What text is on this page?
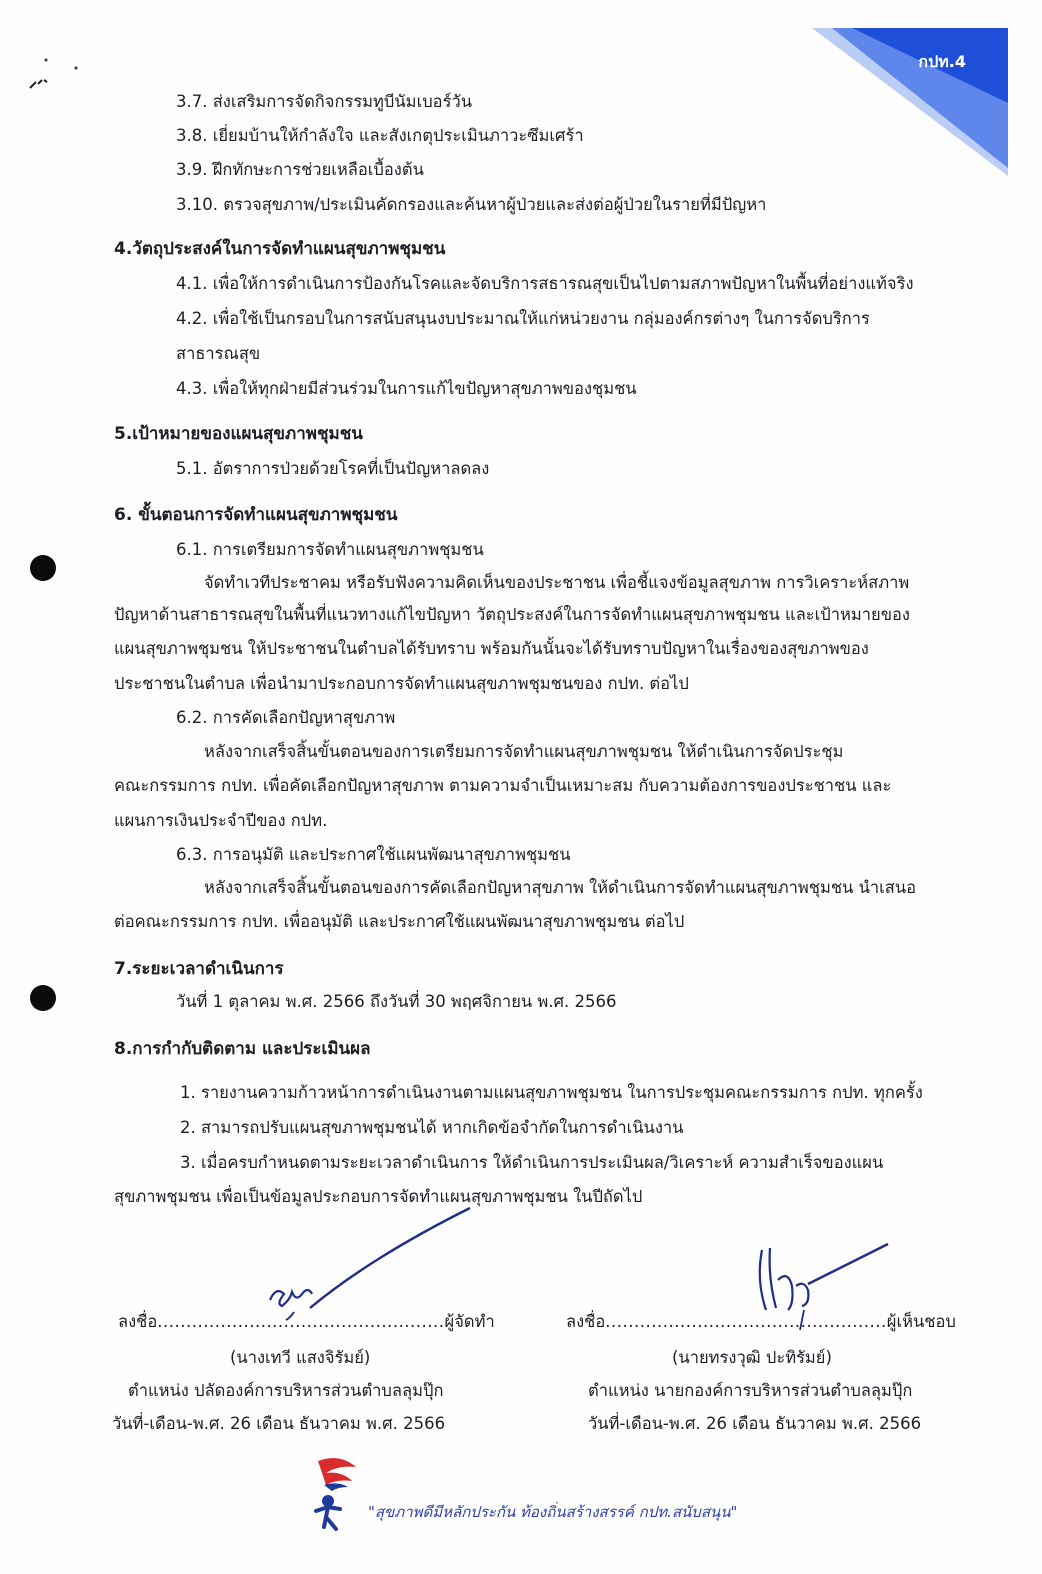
กปท.4
3.7. ส่งเสริมการจัดกิจกรรมทูบีนัมเบอร์วัน
3.8. เยี่ยมบ้านให้กำลังใจ และสังเกตุประเมินภาวะซึมเศร้า
3.9. ฝึกทักษะการช่วยเหลือเบื้องต้น
3.10. ตรวจสุขภาพ/ประเมินคัดกรองและค้นหาผู้ป่วยและส่งต่อผู้ป่วยในรายที่มีปัญหา
4.วัตถุประสงค์ในการจัดทำแผนสุขภาพชุมชน
4.1. เพื่อให้การดำเนินการป้องกันโรคและจัดบริการสธารณสุขเป็นไปตามสภาพปัญหาในพื้นที่อย่างแท้จริง
4.2. เพื่อใช้เป็นกรอบในการสนับสนุนงบประมาณให้แก่หน่วยงาน กลุ่มองค์กรต่างๆ ในการจัดบริการ
สาธารณสุข
4.3. เพื่อให้ทุกฝ่ายมีส่วนร่วมในการแก้ไขปัญหาสุขภาพของชุมชน
5.เป้าหมายของแผนสุขภาพชุมชน
5.1. อัตราการป่วยด้วยโรคที่เป็นปัญหาลดลง
6. ขั้นตอนการจัดทำแผนสุขภาพชุมชน
6.1. การเตรียมการจัดทำแผนสุขภาพชุมชน
จัดทำเวทีประชาคม หรือรับฟังความคิดเห็นของประชาชน เพื่อชี้แจงข้อมูลสุขภาพ การวิเคราะห์สภาพ
ปัญหาด้านสาธารณสุขในพื้นที่แนวทางแก้ไขปัญหา วัตถุประสงค์ในการจัดทำแผนสุขภาพชุมชน และเป้าหมายของ
แผนสุขภาพชุมชน ให้ประชาชนในตำบลได้รับทราบ พร้อมกันนั้นจะได้รับทราบปัญหาในเรื่องของสุขภาพของ
ประชาชนในตำบล เพื่อนำมาประกอบการจัดทำแผนสุขภาพชุมชนของ กปท. ต่อไป
6.2. การคัดเลือกปัญหาสุขภาพ
หลังจากเสร็จสิ้นขั้นตอนของการเตรียมการจัดทำแผนสุขภาพชุมชน ให้ดำเนินการจัดประชุม
คณะกรรมการ กปท. เพื่อคัดเลือกปัญหาสุขภาพ ตามความจำเป็นเหมาะสม กับความต้องการของประชาชน และ
แผนการเงินประจำปีของ กปท.
6.3. การอนุมัติ และประกาศใช้แผนพัฒนาสุขภาพชุมชน
หลังจากเสร็จสิ้นขั้นตอนของการคัดเลือกปัญหาสุขภาพ ให้ดำเนินการจัดทำแผนสุขภาพชุมชน นำเสนอ
ต่อคณะกรรมการ กปท. เพื่ออนุมัติ และประกาศใช้แผนพัฒนาสุขภาพชุมชน ต่อไป
7.ระยะเวลาดำเนินการ
วันที่ 1 ตุลาคม พ.ศ. 2566 ถึงวันที่ 30 พฤศจิกายน พ.ศ. 2566
8.การกำกับติดตาม และประเมินผล
1. รายงานความก้าวหน้าการดำเนินงานตามแผนสุขภาพชุมชน ในการประชุมคณะกรรมการ กปท. ทุกครั้ง
2. สามารถปรับแผนสุขภาพชุมชนได้ หากเกิดข้อจำกัดในการดำเนินงาน
3. เมื่อครบกำหนดตามระยะเวลาดำเนินการ ให้ดำเนินการประเมินผล/วิเคราะห์ ความสำเร็จของแผน
สุขภาพชุมชน เพื่อเป็นข้อมูลประกอบการจัดทำแผนสุขภาพชุมชน ในปีถัดไป
ลงชื่อ..................................................ผู้จัดทำ
(นางเทวี แสงจิรัมย์)
ตำแหน่ง ปลัดองค์การบริหารส่วนตำบลลุมปุ๊ก
วันที่-เดือน-พ.ศ. 26 เดือน ธันวาคม พ.ศ. 2566
ลงชื่อ.................................................ผู้เห็นชอบ
(นายทรงวุฒิ ปะทิรัมย์)
ตำแหน่ง นายกองค์การบริหารส่วนตำบลลุมปุ๊ก
วันที่-เดือน-พ.ศ. 26 เดือน ธันวาคม พ.ศ. 2566
"สุขภาพดีมีหลักประกัน ท้องถิ่นสร้างสรรค์ กปท.สนับสนุน"
